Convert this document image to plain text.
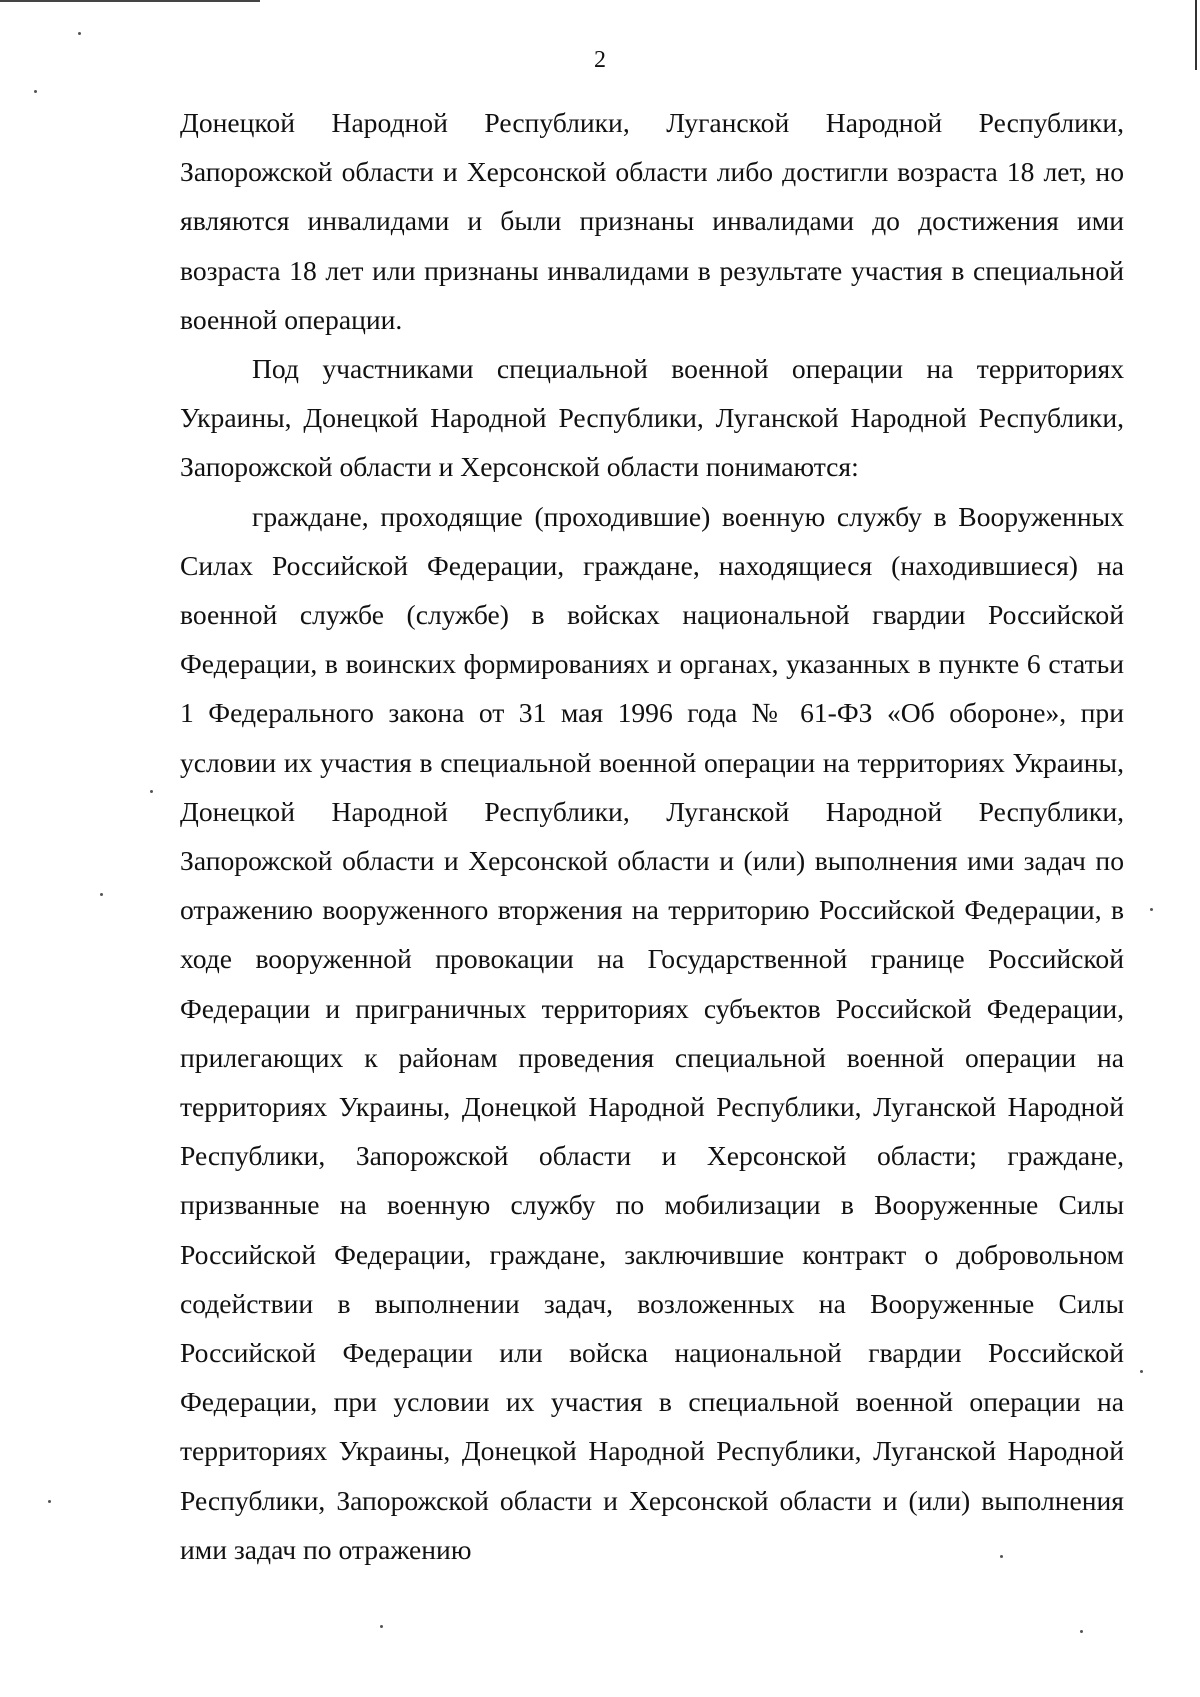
2

Донецкой Народной Республики, Луганской Народной Республики, Запорожской области и Херсонской области либо достигли возраста 18 лет, но являются инвалидами и были признаны инвалидами до достижения ими возраста 18 лет или признаны инвалидами в результате участия в специальной военной операции.

Под участниками специальной военной операции на территориях Украины, Донецкой Народной Республики, Луганской Народной Республики, Запорожской области и Херсонской области понимаются:

граждане, проходящие (проходившие) военную службу в Вооруженных Силах Российской Федерации, граждане, находящиеся (находившиеся) на военной службе (службе) в войсках национальной гвардии Российской Федерации, в воинских формированиях и органах, указанных в пункте 6 статьи 1 Федерального закона от 31 мая 1996 года № 61-ФЗ «Об обороне», при условии их участия в специальной военной операции на территориях Украины, Донецкой Народной Республики, Луганской Народной Республики, Запорожской области и Херсонской области и (или) выполнения ими задач по отражению вооруженного вторжения на территорию Российской Федерации, в ходе вооруженной провокации на Государственной границе Российской Федерации и приграничных территориях субъектов Российской Федерации, прилегающих к районам проведения специальной военной операции на территориях Украины, Донецкой Народной Республики, Луганской Народной Республики, Запорожской области и Херсонской области; граждане, призванные на военную службу по мобилизации в Вооруженные Силы Российской Федерации, граждане, заключившие контракт о добровольном содействии в выполнении задач, возложенных на Вооруженные Силы Российской Федерации или войска национальной гвардии Российской Федерации, при условии их участия в специальной военной операции на территориях Украины, Донецкой Народной Республики, Луганской Народной Республики, Запорожской области и Херсонской области и (или) выполнения ими задач по отражению
